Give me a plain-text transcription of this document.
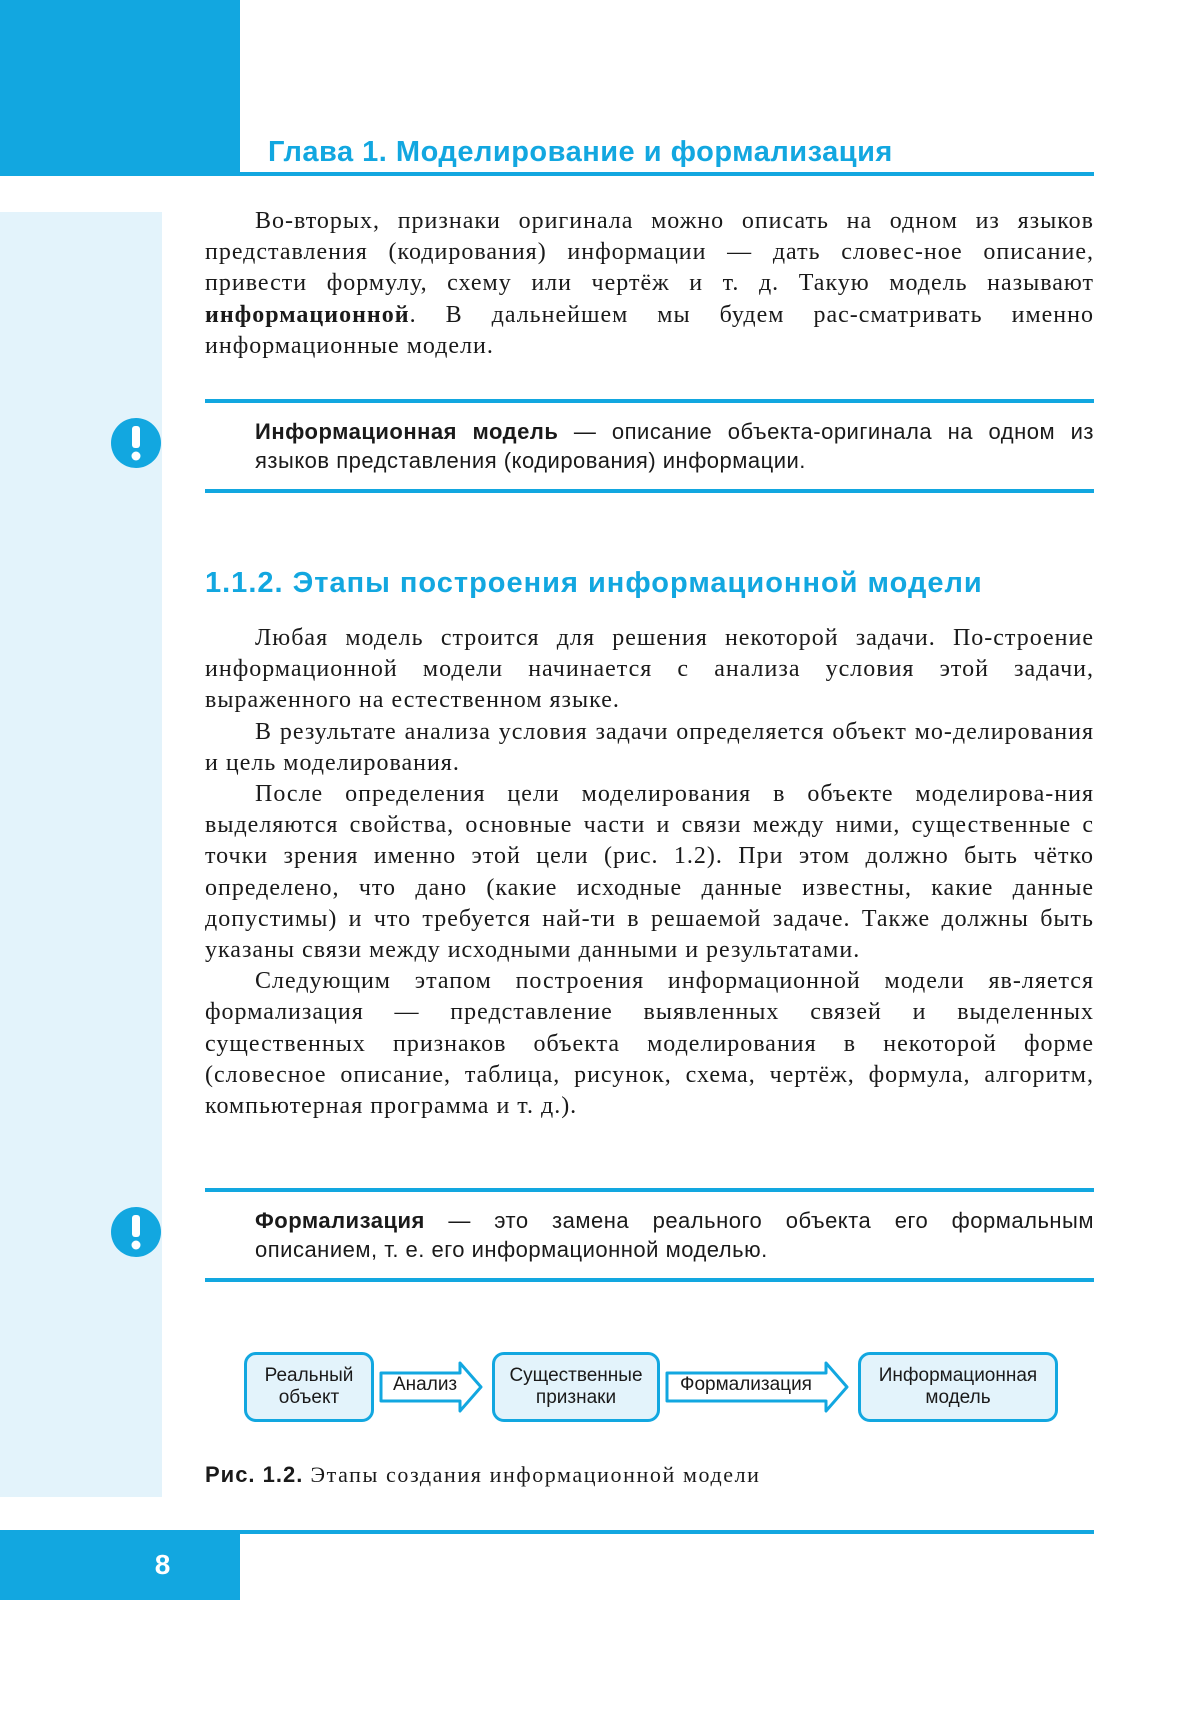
Глава 1. Моделирование и формализация

Во-вторых, признаки оригинала можно описать на одном из языков представления (кодирования) информации — дать словес-ное описание, привести формулу, схему или чертёж и т. д. Такую модель называют информационной. В дальнейшем мы будем рас-сматривать именно информационные модели.

Информационная модель — описание объекта-оригинала на одном из языков представления (кодирования) информации.
1.1.2. Этапы построения информационной модели

Любая модель строится для решения некоторой задачи. По-строение информационной модели начинается с анализа условия этой задачи, выраженного на естественном языке.

В результате анализа условия задачи определяется объект мо-делирования и цель моделирования.

После определения цели моделирования в объекте моделирова-ния выделяются свойства, основные части и связи между ними, существенные с точки зрения именно этой цели (рис. 1.2). При этом должно быть чётко определено, что дано (какие исходные данные известны, какие данные допустимы) и что требуется най-ти в решаемой задаче. Также должны быть указаны связи между исходными данными и результатами.

Следующим этапом построения информационной модели яв-ляется формализация — представление выявленных связей и выделенных существенных признаков объекта моделирования в некоторой форме (словесное описание, таблица, рисунок, схема, чертёж, формула, алгоритм, компьютерная программа и т. д.).

Формализация — это замена реального объекта его формальным описанием, т. е. его информационной моделью.
Реальный
объект
Анализ	Существенные
признаки
Формализация	Информационная
модель
Рис. 1.2. Этапы создания информационной модели
8
